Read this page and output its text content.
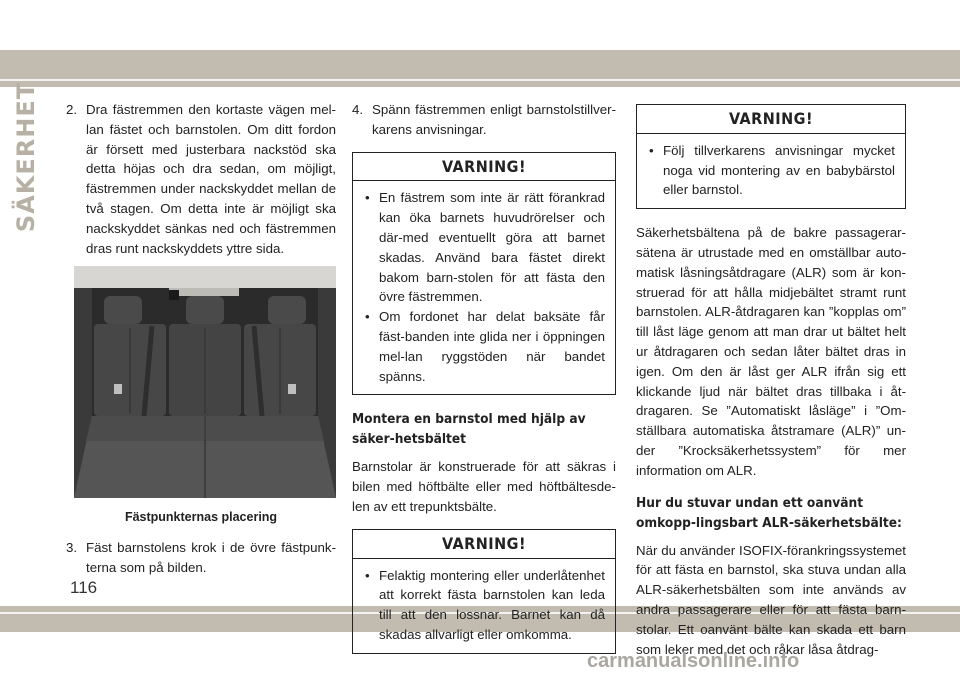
SÄKERHET 2. Dra fästremmen den kortaste vägen mel-lan fästet och barnstolen. Om ditt fordon är försett med justerbara nackstöd ska detta höjas och dra sedan, om möjligt, fästremmen under nackskyddet mellan de två stagen. Om detta inte är möjligt ska nackskyddet sänkas ned och fästremmen dras runt nackskyddets yttre sida.
Fästpunkternas placering
3. Fäst barnstolens krok i de övre fästpunk-terna som på bilden.
4. Spänn fästremmen enligt barnstolstillver-karens anvisningar.
VARNING!
• En fästrem som inte är rätt förankrad kan öka barnets huvudrörelser och där-med eventuellt göra att barnet skadas. Använd bara fästet direkt bakom barn-stolen för att fästa den övre fästremmen.
• Om fordonet har delat baksäte får fäst-banden inte glida ner i öppningen mel-lan ryggstöden när bandet spänns.
Montera en barnstol med hjälp av säker-hetsbältet
Barnstolar är konstruerade för att säkras i bilen med höftbälte eller med höftbältesde-len av ett trepunktsbälte.
VARNING!
• Felaktig montering eller underlåtenhet att korrekt fästa barnstolen kan leda till att den lossnar. Barnet kan då skadas allvarligt eller omkomma.
VARNING!
• Följ tillverkarens anvisningar mycket noga vid montering av en babybärstol eller barnstol.
Säkerhetsbältena på de bakre passagerar-sätena är utrustade med en omställbar auto-matisk låsningsåtdragare (ALR) som är kon-struerad för att hålla midjebältet stramt runt barnstolen. ALR-åtdragaren kan ”kopplas om” till låst läge genom att man drar ut bältet helt ur åtdragaren och sedan låter bältet dras in igen. Om den är låst ger ALR ifrån sig ett klickande ljud när bältet dras tillbaka i åt-dragaren. Se ”Automatiskt låsläge” i ”Om-ställbara automatiska åtstramare (ALR)” un-der ”Krocksäkerhetssystem” för mer information om ALR.
Hur du stuvar undan ett oanvänt omkopp-lingsbart ALR-säkerhetsbälte:
När du använder ISOFIX-förankringssystemet för att fästa en barnstol, ska stuva undan alla ALR-säkerhetsbälten som inte används av andra passagerare eller för att fästa barn-stolar. Ett oanvänt bälte kan skada ett barn som leker med det och råkar låsa åtdrag-
116
carmanualsonline.info
